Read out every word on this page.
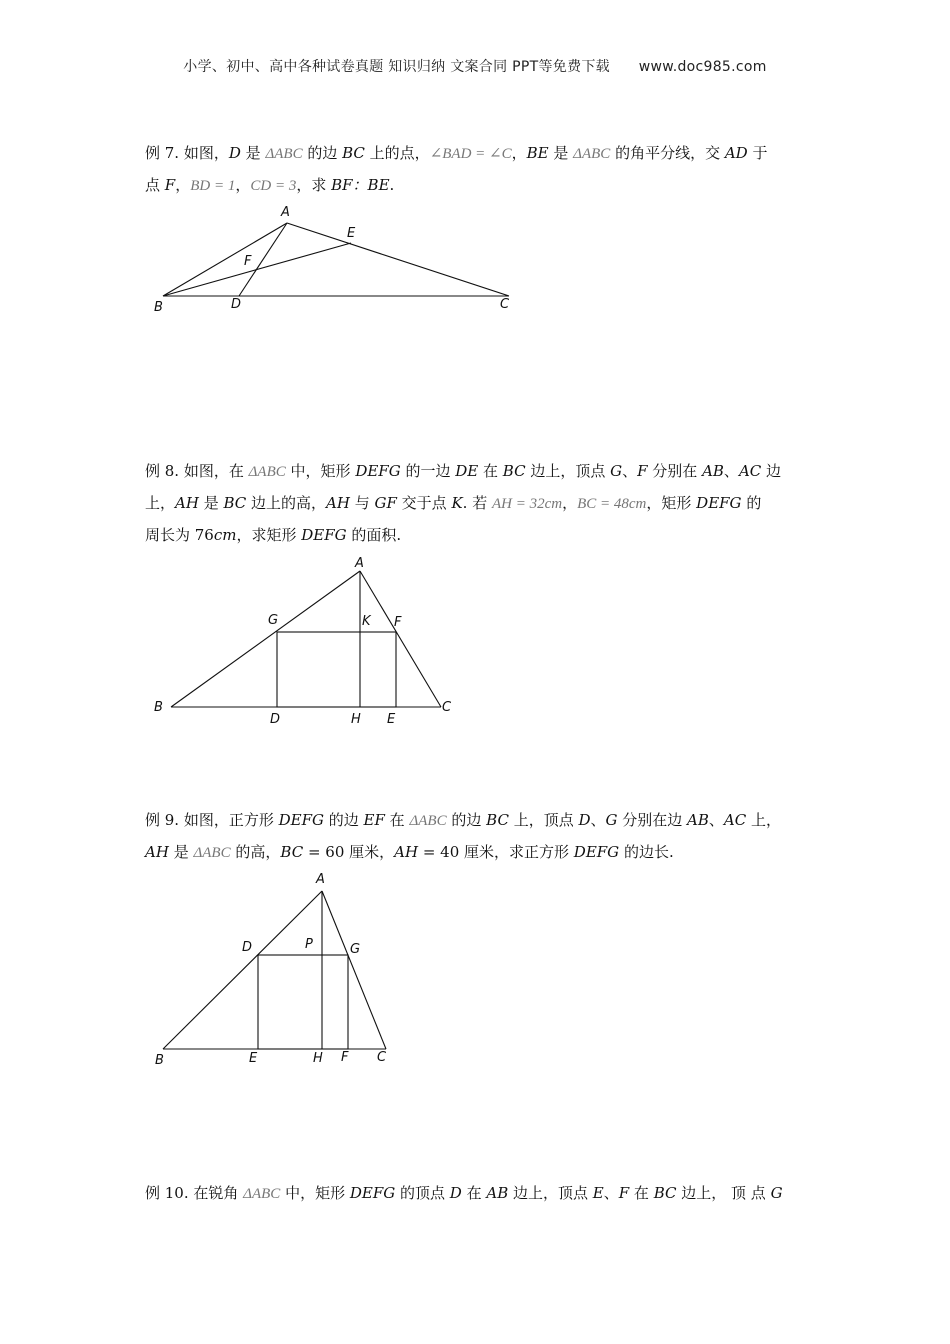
小学、初中、高中各种试卷真题 知识归纳 文案合同 PPT等免费下载 www.doc985.com
例 7. 如图，D 是 ΔABC 的边 BC 上的点，∠BAD = ∠C，BE 是 ΔABC 的角平分线，交 AD 于
点 F，BD = 1，CD = 3，求 BF：BE.
A
E
F
B	D	C
例 8. 如图，在 ΔABC 中，矩形 DEFG 的一边 DE 在 BC 边上，顶点 G、F 分别在 AB、AC 边
上，AH 是 BC 边上的高，AH 与 GF 交于点 K. 若 AH = 32cm，BC = 48cm，矩形 DEFG 的
周长为 76cm，求矩形 DEFG 的面积.
A
G	K F
B
D	H E
C
例 9. 如图，正方形 DEFG 的边 EF 在 ΔABC 的边 BC 上，顶点 D、G 分别在边 AB、AC 上，
AH 是 ΔABC 的高，BC = 60 厘米，AH = 40 厘米，求正方形 DEFG 的边长.
A
D	P	G
B	E	H F C
例 10. 在锐角 ΔABC 中，矩形 DEFG 的顶点 D 在 AB 边上，顶点 E、F 在 BC 边上， 顶 点 G
